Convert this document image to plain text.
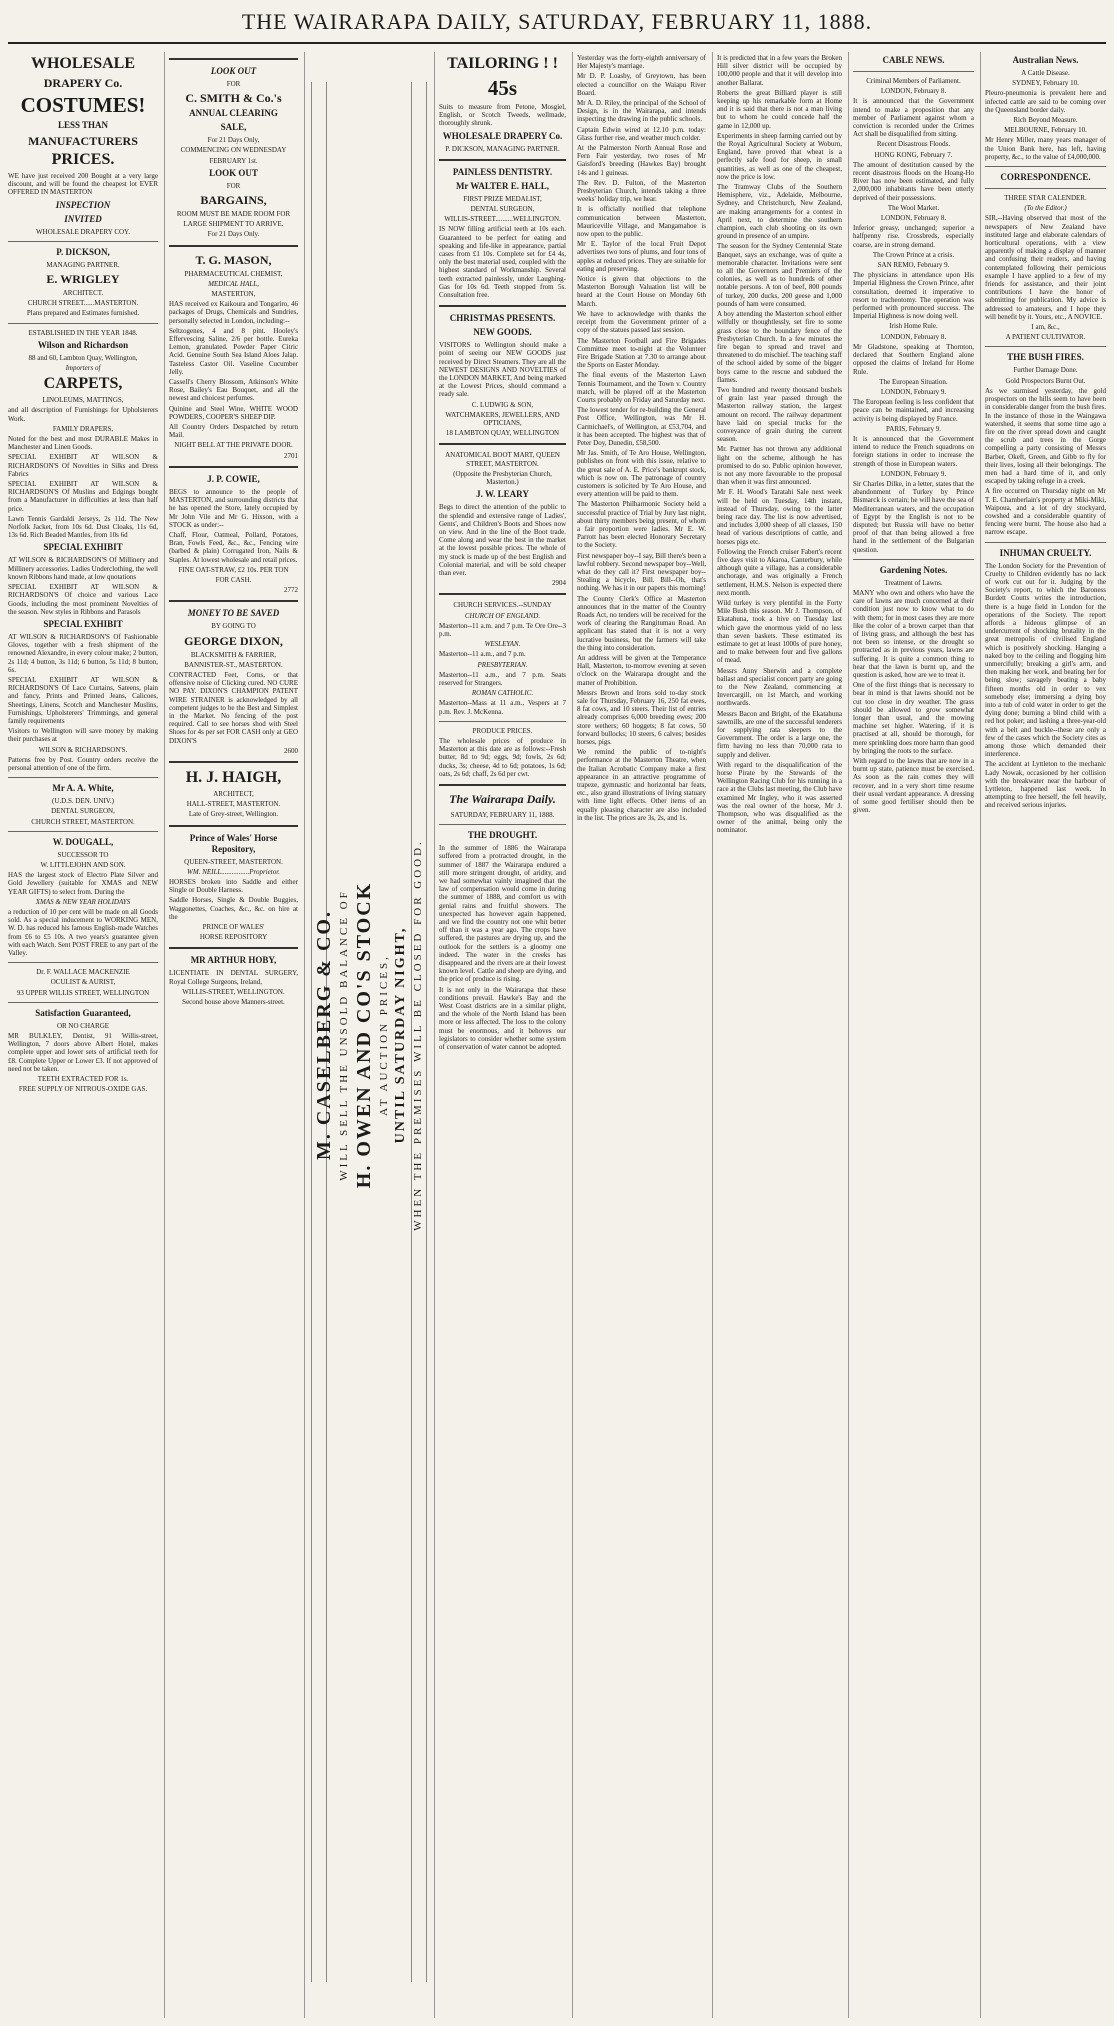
THE WAIRARAPA DAILY, SATURDAY, FEBRUARY 11, 1888.
WHOLESALE
DRAPERY Co.
COSTUMES!
LESS THAN
MANUFACTURERS
PRICES.

WE have just received 200 Bought at a very large discount, and will be found the cheapest lot EVER OFFERED IN MASTERTON

INSPECTION
INVITED

WHOLESALE DRAPERY COY.

P. DICKSON,

MANAGING PARTNER.

E. WRIGLEY

ARCHITECT.

CHURCH STREET......MASTERTON.

Plans prepared and Estimates furnished.

ESTABLISHED IN THE YEAR 1848.

Wilson and Richardson

88 and 60, Lambton Quay, Wellington,

Importers of

CARPETS,

LINOLEUMS, MATTINGS,

and all description of Furnishings for Upholsterers Work.

FAMILY DRAPERS,

Noted for the best and most DURABLE Makes in Manchester and Linen Goods.

SPECIAL EXHIBIT AT WILSON & RICHARDSON'S Of Novelties in Silks and Dress Fabrics

SPECIAL EXHIBIT AT WILSON & RICHARDSON'S Of Muslins and Edgings bought from a Manufacturer in difficulties at less than half price.

Lawn Tennis Gardaldi Jerseys, 2s 11d. The New Norfolk Jacket, from 10s 6d. Dust Cloaks, 11s 6d, 13s 6d. Rich Beaded Mantles, from 10s 6d

SPECIAL EXHIBIT

AT WILSON & RICHARDSON'S Of Millinery and Millinery accessories. Ladies Underclothing, the well known Ribbons hand made, at low quotations

SPECIAL EXHIBIT AT WILSON & RICHARDSON'S Of choice and various Lace Goods, including the most prominent Novelties of the season. New styles in Ribbons and Parasols

SPECIAL EXHIBIT

AT WILSON & RICHARDSON'S Of Fashionable Gloves, together with a fresh shipment of the renowned Alexandre, in every colour make; 2 button, 2s 11d; 4 button, 3s 11d; 6 button, 5s 11d; 8 button, 6s.

SPECIAL EXHIBIT AT WILSON & RICHARDSON'S Of Lace Curtains, Sateens, plain and fancy, Prints and Printed Jeans, Calicoes, Sheetings, Linens, Scotch and Manchester Muslins, Furnishings, Upholsterers' Trimmings, and general family requirements

Visitors to Wellington will save money by making their purchases at

WILSON & RICHARDSON'S.

Patterns free by Post. Country orders receive the personal attention of one of the firm.

Mr A. A. White,

(U.D.S. DEN. UNIV.)

DENTAL SURGEON,

CHURCH STREET, MASTERTON.

W. DOUGALL,

SUCCESSOR TO

W. LITTLEJOHN AND SON.

HAS the largest stock of Electro Plate Silver and Gold Jewellery (suitable for XMAS and NEW YEAR GIFTS) to select from. During the

XMAS & NEW YEAR HOLIDAYS

a reduction of 10 per cent will be made on all Goods sold. As a special inducement to WORKING MEN, W. D. has reduced his famous English-made Watches from £6 to £5 10s. A two years's guarantee given with each Watch. Sent POST FREE to any part of the Valley.

Dr. F. WALLACE MACKENZIE

OCULIST & AURIST,

93 UPPER WILLIS STREET, WELLINGTON

Satisfaction Guaranteed,

OR NO CHARGE

MR BULKLEY, Dentist, 91 Willis-street, Wellington, 7 doors above Albert Hotel, makes complete upper and lower sets of artificial teeth for £8. Complete Upper or Lower £3. If not approved of need not be taken.

TEETH EXTRACTED FOR 1s.

FREE SUPPLY OF NITROUS-OXIDE GAS.

LOOK OUT

FOR

C. SMITH & Co.'s
ANNUAL CLEARING
SALE,

For 21 Days Only,

COMMENCING ON WEDNESDAY

FEBRUARY 1st.

LOOK OUT

FOR

BARGAINS,

ROOM MUST BE MADE ROOM FOR

LARGE SHIPMENT TO ARRIVE.

For 21 Days Only.

T. G. MASON,

PHARMACEUTICAL CHEMIST,

MEDICAL HALL,

MASTERTON,

HAS received ex Kaikoura and Tongariro, 46 packages of Drugs, Chemicals and Sundries, personally selected in London, including:--

Seltzogenes, 4 and 8 pint. Hooley's Effervescing Saline, 2/6 per bottle. Eureka Lemon, granulated. Powder Paper Citric Acid. Genuine South Sea Island Aloes Jalap. Tasteless Castor Oil. Vaseline Cucumber Jelly.

Cassell's Cherry Blossom, Atkinson's White Rose, Bailey's Eau Bouquet, and all the newest and choicest perfumes.

Quinine and Steel Wine, WHITE WOOD POWDERS, COOPER'S SHEEP DIP.

All Country Orders Despatched by return Mail.

NIGHT BELL AT THE PRIVATE DOOR.

2701

J. P. COWIE,

BEGS to announce to the people of MASTERTON, and surrounding districts that he has opened the Store, lately occupied by Mr John Vile and Mr G. Hixson, with a STOCK as under:--

Chaff, Flour, Oatmeal, Pollard, Potatoes, Bran, Fowls Feed, &c., &c., Fencing wire (barbed & plain) Corrugated Iron, Nails & Staples. At lowest wholesale and retail prices.

FINE OAT-STRAW, £2 10s. PER TON

FOR CASH.

2772

MONEY TO BE SAVED

BY GOING TO

GEORGE DIXON,

BLACKSMITH & FARRIER,

BANNISTER-ST., MASTERTON.

CONTRACTED Feet, Corns, or that offensive noise of Clicking cured. NO CURE NO PAY. DIXON'S CHAMPION PATENT WIRE STRAINER is acknowledged by all competent judges to be the Best and Simplest in the Market. No fencing of the post required. Call to see horses shod with Steel Shoes for 4s per set FOR CASH only at GEO DIXON'S

2600

H. J. HAIGH,

ARCHITECT,

HALL-STREET, MASTERTON.

Late of Grey-street, Wellington.

Prince of Wales' Horse Repository,

QUEEN-STREET, MASTERTON.

WM. NEILL................Proprietor.

HORSES broken into Saddle and either Single or Double Harness.

Saddle Horses, Single & Double Buggies, Waggonettes, Coaches, &c., &c. on hire at the

PRINCE OF WALES'

HORSE REPOSITORY

MR ARTHUR HOBY,

LICENTIATE IN DENTAL SURGERY, Royal College Surgeons, Ireland,

WILLIS-STREET, WELLINGTON.

Second house above Manners-street.	M. CASELBERG & CO. WILL SELL THE UNSOLD BALANCE OF H. OWEN AND CO'S STOCK AT AUCTION PRICES, UNTIL SATURDAY NIGHT, WHEN THE PREMISES WILL BE CLOSED FOR GOOD.
TAILORING ! !
45s

Suits to measure from Petone, Mosgiel, English, or Scotch Tweeds, wellmade, thoroughly shrunk.

WHOLESALE DRAPERY Co.

P. DICKSON, MANAGING PARTNER.

PAINLESS DENTISTRY.
Mr WALTER E. HALL,

FIRST PRIZE MEDALIST,

DENTAL SURGEON,

WILLIS-STREET..........WELLINGTON.

IS NOW filling artificial teeth at 10s each. Guaranteed to be perfect for eating and speaking and life-like in appearance, partial cases from £1 10s. Complete set for £4 4s, only the best material used, coupled with the highest standard of Workmanship. Several teeth extracted painlessly, under Laughing-Gas for 10s 6d. Teeth stopped from 5s. Consultation free.

CHRISTMAS PRESENTS.
NEW GOODS.

VISITORS to Wellington should make a point of seeing our NEW GOODS just received by Direct Steamers. They are all the NEWEST DESIGNS AND NOVELTIES of the LONDON MARKET, And being marked at the Lowest Prices, should command a ready sale.

C. LUDWIG & SON,

WATCHMAKERS, JEWELLERS, AND OPTICIANS,

18 LAMBTON QUAY, WELLINGTON

ANATOMICAL BOOT MART, QUEEN STREET, MASTERTON.

(Opposite the Presbyterian Church, Masterton.)

J. W. LEARY

Begs to direct the attention of the public to the splendid and extensive range of Ladies', Gents', and Children's Boots and Shoes now on view. And in the line of the Boot trade. Come along and wear the best in the market at the lowest possible prices. The whole of my stock is made up of the best English and Colonial material, and will be sold cheaper than ever.

2904

CHURCH SERVICES.--SUNDAY

CHURCH OF ENGLAND.

Masterton--11 a.m. and 7 p.m. Te Ore Ore--3 p.m.

WESLEYAN.

Masterton--11 a.m., and 7 p.m.

PRESBYTERIAN.

Masterton--11 a.m., and 7 p.m. Seats reserved for Strangers.

ROMAN CATHOLIC.

Masterton--Mass at 11 a.m., Vespers at 7 p.m. Rev. J. McKenna.

PRODUCE PRICES.

The wholesale prices of produce in Masterton at this date are as follows:--Fresh butter, 8d to 9d; eggs, 9d; fowls, 2s 6d; ducks, 3s; cheese, 4d to 6d; potatoes, 1s 6d; oats, 2s 6d; chaff, 2s 6d per cwt.

The Wairarapa Daily.

SATURDAY, FEBRUARY 11, 1888.

THE DROUGHT.

In the summer of 1886 the Wairarapa suffered from a protracted drought, in the summer of 1887 the Wairarapa endured a still more stringent drought, of aridity, and we had somewhat vainly imagined that the law of compensation would come in during the summer of 1888, and comfort us with genial rains and fruitful showers. The unexpected has however again happened, and we find the country not one whit better off than it was a year ago. The crops have suffered, the pastures are drying up, and the outlook for the settlers is a gloomy one indeed. The water in the creeks has disappeared and the rivers are at their lowest known level. Cattle and sheep are dying, and the price of produce is rising.

It is not only in the Wairarapa that these conditions prevail. Hawke's Bay and the West Coast districts are in a similar plight, and the whole of the North Island has been more or less affected. The loss to the colony must be enormous, and it behoves our legislators to consider whether some system of conservation of water cannot be adopted.

Yesterday was the forty-eighth anniversary of Her Majesty's marriage.

Mr D. P. Loasby, of Greytown, has been elected a councillor on the Waiapu River Board.

Mr A. D. Riley, the principal of the School of Design, is in the Wairarapa, and intends inspecting the drawing in the public schools.

Captain Edwin wired at 12.10 p.m. today: Glass further rise, and weather much colder.

At the Palmerston North Annual Rose and Fern Fair yesterday, two roses of Mr Gaisford's breeding (Hawkes Bay) brought 14s and 1 guineas.

The Rev. D. Fulton, of the Masterton Presbyterian Church, intends taking a three weeks' holiday trip, we hear.

It is officially notified that telephone communication between Masterton, Mauriceville Village, and Mangamahoe is now open to the public.

Mr E. Taylor of the local Fruit Depot advertises two tons of plums, and four tons of apples at reduced prices. They are suitable for eating and preserving.

Notice is given that objections to the Masterton Borough Valuation list will be heard at the Court House on Monday 6th March.

We have to acknowledge with thanks the receipt from the Government printer of a copy of the statues passed last session.

The Masterton Football and Fire Brigades Committee meet to-night at the Volunteer Fire Brigade Station at 7.30 to arrange about the Sports on Easter Monday.

The final events of the Masterton Lawn Tennis Tournament, and the Town v. Country match, will be played off at the Masterton Courts probably on Friday and Saturday next.

The lowest tender for re-building the General Post Office, Wellington, was Mr H. Carmichael's, of Wellington, at £53,704, and it has been accepted. The highest was that of Peter Doy, Dunedin, £58,500.

Mr Jas. Smith, of Te Aro House, Wellington, publishes on front with this issue, relative to the great sale of A. E. Price's bankrupt stock, which is now on. The patronage of country customers is solicited by Te Aro House, and every attention will be paid to them.

The Masterton Philharmonic Society held a successful practice of Trial by Jury last night, about thirty members being present, of whom a fair proportion were ladies. Mr E. W. Parrott has been elected Honorary Secretary to the Society.

First newspaper boy--I say, Bill there's been a lawful robbery. Second newspaper boy--Well, what do they call it? First newspaper boy--Stealing a bicycle, Bill. Bill--Oh, that's nothing. We has it in our papers this morning!

The County Clerk's Office at Masterton announces that in the matter of the Country Roads Act, no tenders will be received for the work of clearing the Rangitumau Road. An applicant has stated that it is not a very lucrative business, but the farmers will take the thing into consideration.

An address will be given at the Temperance Hall, Masterton, to-morrow evening at seven o'clock on the Wairarapa drought and the matter of Prohibition.

Messrs Brown and Irons sold to-day stock sale for Thursday, February 16, 250 fat ewes, 8 fat cows, and 10 steers. Their list of entries already comprises 6,000 breeding ewes; 200 store wethers; 60 hoggets; 8 fat cows, 50 forward bullocks; 10 steers, 6 calves; besides horses, pigs.

We remind the public of to-night's performance at the Masterton Theatre, when the Italian Acrobatic Company make a first appearance in an attractive programme of trapeze, gymnastic and horizontal bar feats, etc., also grand illustrations of living statuary with lime light effects. Other items of an equally pleasing character are also included in the list. The prices are 3s, 2s, and 1s.

It is predicted that in a few years the Broken Hill silver district will be occupied by 100,000 people and that it will develop into another Ballarat.

Roberts the great Billiard player is still keeping up his remarkable form at Home and it is said that there is not a man living but to whom he could concede half the game in 12,000 up.

Experiments in sheep farming carried out by the Royal Agricultural Society at Woburn, England, have proved that wheat is a perfectly safe food for sheep, in small quantities, as well as one of the cheapest, now the price is low.

The Tramway Clubs of the Southern Hemisphere, viz., Adelaide, Melbourne, Sydney, and Christchurch, New Zealand, are making arrangements for a contest in April next, to determine the southern champion, each club shooting on its own ground in presence of an umpire.

The season for the Sydney Centennial State Banquet, says an exchange, was of quite a memorable character. Invitations were sent to all the Governors and Premiers of the colonies, as well as to hundreds of other notable persons. A ton of beef, 800 pounds of turkey, 200 ducks, 200 geese and 1,000 pounds of ham were consumed.

A boy attending the Masterton school either wilfully or thoughtlessly, set fire to some grass close to the boundary fence of the Presbyterian Church. In a few minutes the fire began to spread and travel and threatened to do mischief. The teaching staff of the school aided by some of the bigger boys came to the rescue and subdued the flames.

Two hundred and twenty thousand bushels of grain last year passed through the Masterton railway station, the largest amount on record. The railway department have laid on special trucks for the conveyance of grain during the current season.

Mr. Partner has not thrown any additional light on the scheme, although he has promised to do so. Public opinion however, is not any more favourable to the proposal than when it was first announced.

Mr F. H. Wood's Taratahi Sale next week will be held on Tuesday, 14th instant, instead of Thursday, owing to the latter being race day. The list is now advertised, and includes 3,000 sheep of all classes, 150 head of various descriptions of cattle, and horses pigs etc.

Following the French cruiser Fabert's recent five days visit to Akaroa, Canterbury, while although quite a village, has a considerable anchorage, and was originally a French settlement, H.M.S. Nelson is expected there next month.

Wild turkey is very plentiful in the Forty Mile Bush this season. Mr J. Thompson, of Ekatahuna, took a hive on Tuesday last which gave the enormous yield of no less than seven baskets. These estimated its estimate to get at least 1000s of pure honey, and to make between four and five gallons of mead.

Messrs Anny Sherwin and a complete ballast and specialist concert party are going to the New Zealand, commencing at Invercargill, on 1st March, and working northwards.

Messrs Bacon and Bright, of the Ekatahuna sawmills, are one of the successful tenderers for supplying rata sleepers to the Government. The order is a large one, the firm having no less than 70,000 rata to supply and deliver.

With regard to the disqualification of the horse Pirate by the Stewards of the Wellington Racing Club for his running in a race at the Clubs last meeting, the Club have examined Mr Ingley, who it was asserted was the real owner of the horse, Mr J. Thompson, who was disqualified as the owner of the animal, being only the nominator.

CABLE NEWS.

Criminal Members of Parliament.

LONDON, February 8.

It is announced that the Government intend to make a proposition that any member of Parliament against whom a conviction is recorded under the Crimes Act shall be disqualified from sitting.

Recent Disastrous Floods.

HONG KONG, February 7.

The amount of destitution caused by the recent disastrous floods on the Hoang-Ho River has now been estimated, and fully 2,000,000 inhabitants have been utterly deprived of their possessions.

The Wool Market.

LONDON, February 8.

Inferior greasy, unchanged; superior a halfpenny rise. Crossbreds, especially coarse, are in strong demand.

The Crown Prince at a crisis.

SAN REMO, February 9.

The physicians in attendance upon His Imperial Highness the Crown Prince, after consultation, deemed it imperative to resort to tracheotomy. The operation was performed with pronounced success. The Imperial Highness is now doing well.

Irish Home Rule.

LONDON, February 8.

Mr Gladstone, speaking at Thornton, declared that Southern England alone opposed the claims of Ireland for Home Rule.

The European Situation.

LONDON, February 9.

The European feeling is less confident that peace can be maintained, and increasing activity is being displayed by France.

PARIS, February 9.

It is announced that the Government intend to reduce the French squadrons on foreign stations in order to increase the strength of those in European waters.

LONDON, February 9.

Sir Charles Dilke, in a letter, states that the abandonment of Turkey by Prince Bismarck is certain; he will have the sea of Mediterranean waters, and the occupation of Egypt by the English is not to be disputed; but Russia will have no better proof of that than being allowed a free hand in the settlement of the Bulgarian question.

Gardening Notes.

Treatment of Lawns.

MANY who own and others who have the care of lawns are much concerned at their condition just now to know what to do with them; for in most cases they are more like the color of a brown carpet than that of living grass, and although the best has not been so intense, or the drought so protracted as in previous years, lawns are suffering. It is quite a common thing to hear that the lawn is burnt up, and the question is asked, how are we to treat it.

One of the first things that is necessary to bear in mind is that lawns should not be cut too close in dry weather. The grass should be allowed to grow somewhat longer than usual, and the mowing machine set higher. Watering, if it is practised at all, should be thorough, for mere sprinkling does more harm than good by bringing the roots to the surface.

With regard to the lawns that are now in a burnt up state, patience must be exercised. As soon as the rain comes they will recover, and in a very short time resume their usual verdant appearance. A dressing of some good fertiliser should then be given.

Australian News.

A Cattle Disease.

SYDNEY, February 10.

Pleuro-pneumonia is prevalent here and infected cattle are said to be coming over the Queensland border daily.

Rich Beyond Measure.

MELBOURNE, February 10.

Mr Henry Miller, many years manager of the Union Bank here, has left, having property, &c., to the value of £4,000,000.

CORRESPONDENCE.

THREE STAR CALENDER.

(To the Editor.)

SIR,--Having observed that most of the newspapers of New Zealand have instituted large and elaborate calendars of horticultural operations, with a view apparently of making a display of manner and confusing their readers, and having contemplated following their pernicious example I have applied to a few of my friends for assistance, and their joint contributions I have the honor of submitting for publication. My advice is addressed to amateurs, and I hope they will benefit by it. Yours, etc., A NOVICE.

I am, &c.,

A PATIENT CULTIVATOR.

THE BUSH FIRES.

Further Damage Done.

Gold Prospectors Burnt Out.

As we surmised yesterday, the gold prospectors on the hills seem to have been in considerable danger from the bush fires. In the instance of those in the Waingawa watershed, it seems that some time ago a fire on the river spread down and caught the scrub and trees in the Gorge compelling a party consisting of Messrs Barber, Okeft, Green, and Gibb to fly for their lives, losing all their belongings. The men had a hard time of it, and only escaped by taking refuge in a creek.

A fire occurred on Thursday night on Mr T. E. Chamberlain's property at Miki-Miki, Waipoua, and a lot of dry stockyard, cowshed and a considerable quantity of fencing were burnt. The house also had a narrow escape.

INHUMAN CRUELTY.

The London Society for the Prevention of Cruelty to Children evidently has no lack of work cut out for it. Judging by the Society's report, to which the Baroness Burdett Coutts writes the introduction, there is a huge field in London for the operations of the Society. The report affords a hideous glimpse of an undercurrent of shocking brutality in the great metropolis of civilised England which is positively shocking. Hanging a naked boy to the ceiling and flogging him unmercifully; breaking a girl's arm, and then making her work, and beating her for being slow; savagely beating a baby fifteen months old in order to vex somebody else; immersing a dying boy into a tub of cold water in order to get the dying done; burning a blind child with a red hot poker; and lashing a three-year-old with a belt and buckle--these are only a few of the cases which the Society cites as among those which demanded their interference.

The accident at Lyttleton to the mechanic Lady Nowak, occasioned by her collision with the breakwater near the harbour of Lyttleton, happened last week. In attempting to free herself, the fell heavily, and received serious injuries.
